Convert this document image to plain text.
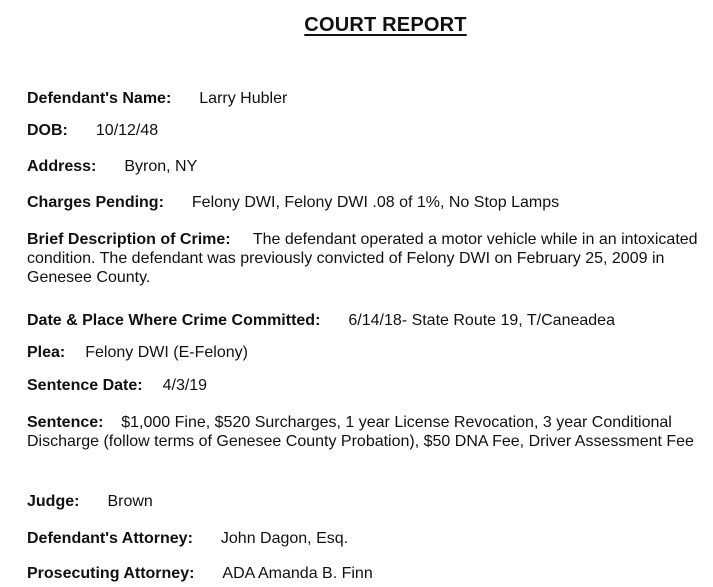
COURT REPORT
Defendant's Name: Larry Hubler
DOB: 10/12/48
Address: Byron, NY
Charges Pending: Felony DWI, Felony DWI .08 of 1%, No Stop Lamps
Brief Description of Crime: The defendant operated a motor vehicle while in an intoxicated condition. The defendant was previously convicted of Felony DWI on February 25, 2009 in Genesee County.
Date & Place Where Crime Committed: 6/14/18- State Route 19, T/Caneadea
Plea: Felony DWI (E-Felony)
Sentence Date: 4/3/19
Sentence: $1,000 Fine, $520 Surcharges, 1 year License Revocation, 3 year Conditional Discharge (follow terms of Genesee County Probation), $50 DNA Fee, Driver Assessment Fee
Judge: Brown
Defendant's Attorney: John Dagon, Esq.
Prosecuting Attorney: ADA Amanda B. Finn
